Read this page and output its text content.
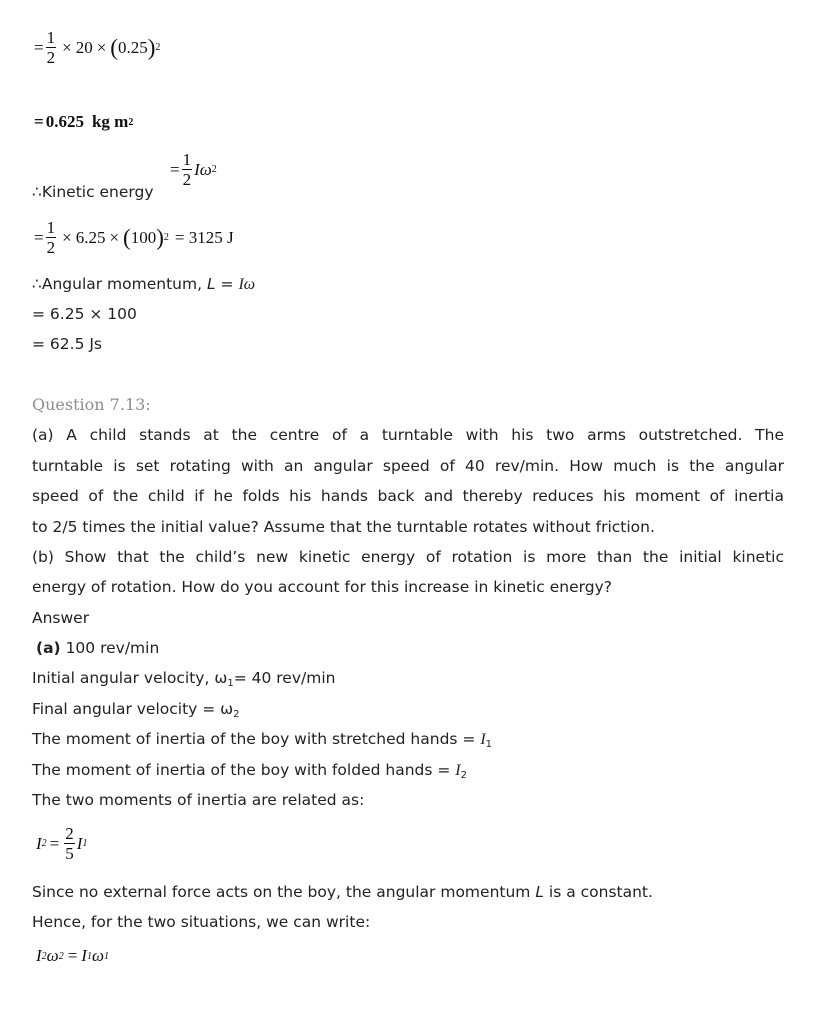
= $\frac{1}{2} \times 20$ × ( 0.25 ) 2
= 0.625 kg m 2
∴Kinetic energy
= $\frac{1}{2}$ I ω 2
= $\frac{1}{2} \times 6.25$ × ( 100 ) 2 = 3125 J
∴Angular momentum, L = Iω
= 6.25 × 100
= 62.5 Js
Question 7.13:
(a) A child stands at the centre of a turntable with his two arms outstretched. The
turntable is set rotating with an angular speed of 40 rev/min. How much is the angular
speed of the child if he folds his hands back and thereby reduces his moment of inertia
to 2/5 times the initial value? Assume that the turntable rotates without friction.
(b) Show that the child’s new kinetic energy of rotation is more than the initial kinetic
energy of rotation. How do you account for this increase in kinetic energy?
Answer
(a) 100 rev/min
Initial angular velocity, $\omega_1= 40$ rev/min
Final angular velocity = $\omega_2$
The moment of inertia of the boy with stretched hands = $I_1$
The moment of inertia of the boy with folded hands = $I_2$
The two moments of inertia are related as:
I $2 = \frac{2}{5}$ I 1
Since no external force acts on the boy, the angular momentum L is a constant.
Hence, for the two situations, we can write:
I 2 ω 2 = I 1 ω 1
